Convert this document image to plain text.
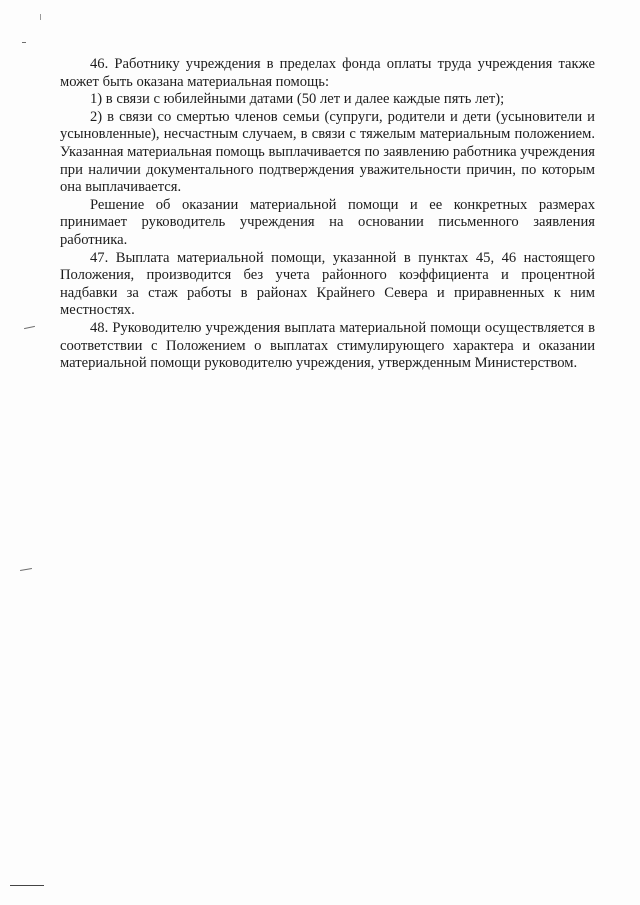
46. Работнику учреждения в пределах фонда оплаты труда учреждения также может быть оказана материальная помощь:

1) в связи с юбилейными датами (50 лет и далее каждые пять лет);

2) в связи со смертью членов семьи (супруги, родители и дети (усыновители и усыновленные), несчастным случаем, в связи с тяжелым материальным положением. Указанная материальная помощь выплачивается по заявлению работника учреждения при наличии документального подтверждения уважительности причин, по которым она выплачивается.

Решение об оказании материальной помощи и ее конкретных размерах принимает руководитель учреждения на основании письменного заявления работника.

47. Выплата материальной помощи, указанной в пунктах 45, 46 настоящего Положения, производится без учета районного коэффициента и процентной надбавки за стаж работы в районах Крайнего Севера и приравненных к ним местностях.

48. Руководителю учреждения выплата материальной помощи осуществляется в соответствии с Положением о выплатах стимулирующего характера и оказании материальной помощи руководителю учреждения, утвержденным Министерством.
